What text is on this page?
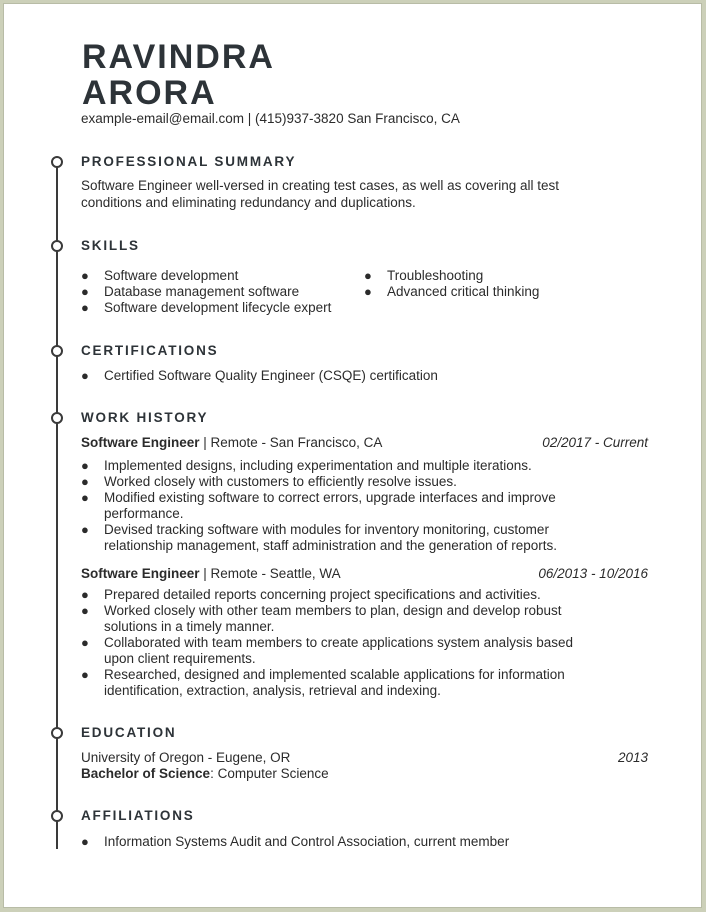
RAVINDRA
ARORA
example-email@email.com | (415)937-3820 San Francisco, CA
PROFESSIONAL SUMMARY
Software Engineer well-versed in creating test cases, as well as covering all test
conditions and eliminating redundancy and duplications.
SKILLS
● Software development
● Database management software
● Software development lifecycle expert
● Troubleshooting
● Advanced critical thinking
CERTIFICATIONS
● Certified Software Quality Engineer (CSQE) certification
WORK HISTORY
Software Engineer | Remote - San Francisco, CA	02/2017 - Current
● Implemented designs, including experimentation and multiple iterations.
● Worked closely with customers to efficiently resolve issues.
● Modified existing software to correct errors, upgrade interfaces and improve
performance.
● Devised tracking software with modules for inventory monitoring, customer
relationship management, staff administration and the generation of reports.
Software Engineer | Remote - Seattle, WA	06/2013 - 10/2016
● Prepared detailed reports concerning project specifications and activities.
● Worked closely with other team members to plan, design and develop robust
solutions in a timely manner.
● Collaborated with team members to create applications system analysis based
upon client requirements.
● Researched, designed and implemented scalable applications for information
identification, extraction, analysis, retrieval and indexing.
EDUCATION
University of Oregon - Eugene, OR	2013
Bachelor of Science: Computer Science
AFFILIATIONS
● Information Systems Audit and Control Association, current member
